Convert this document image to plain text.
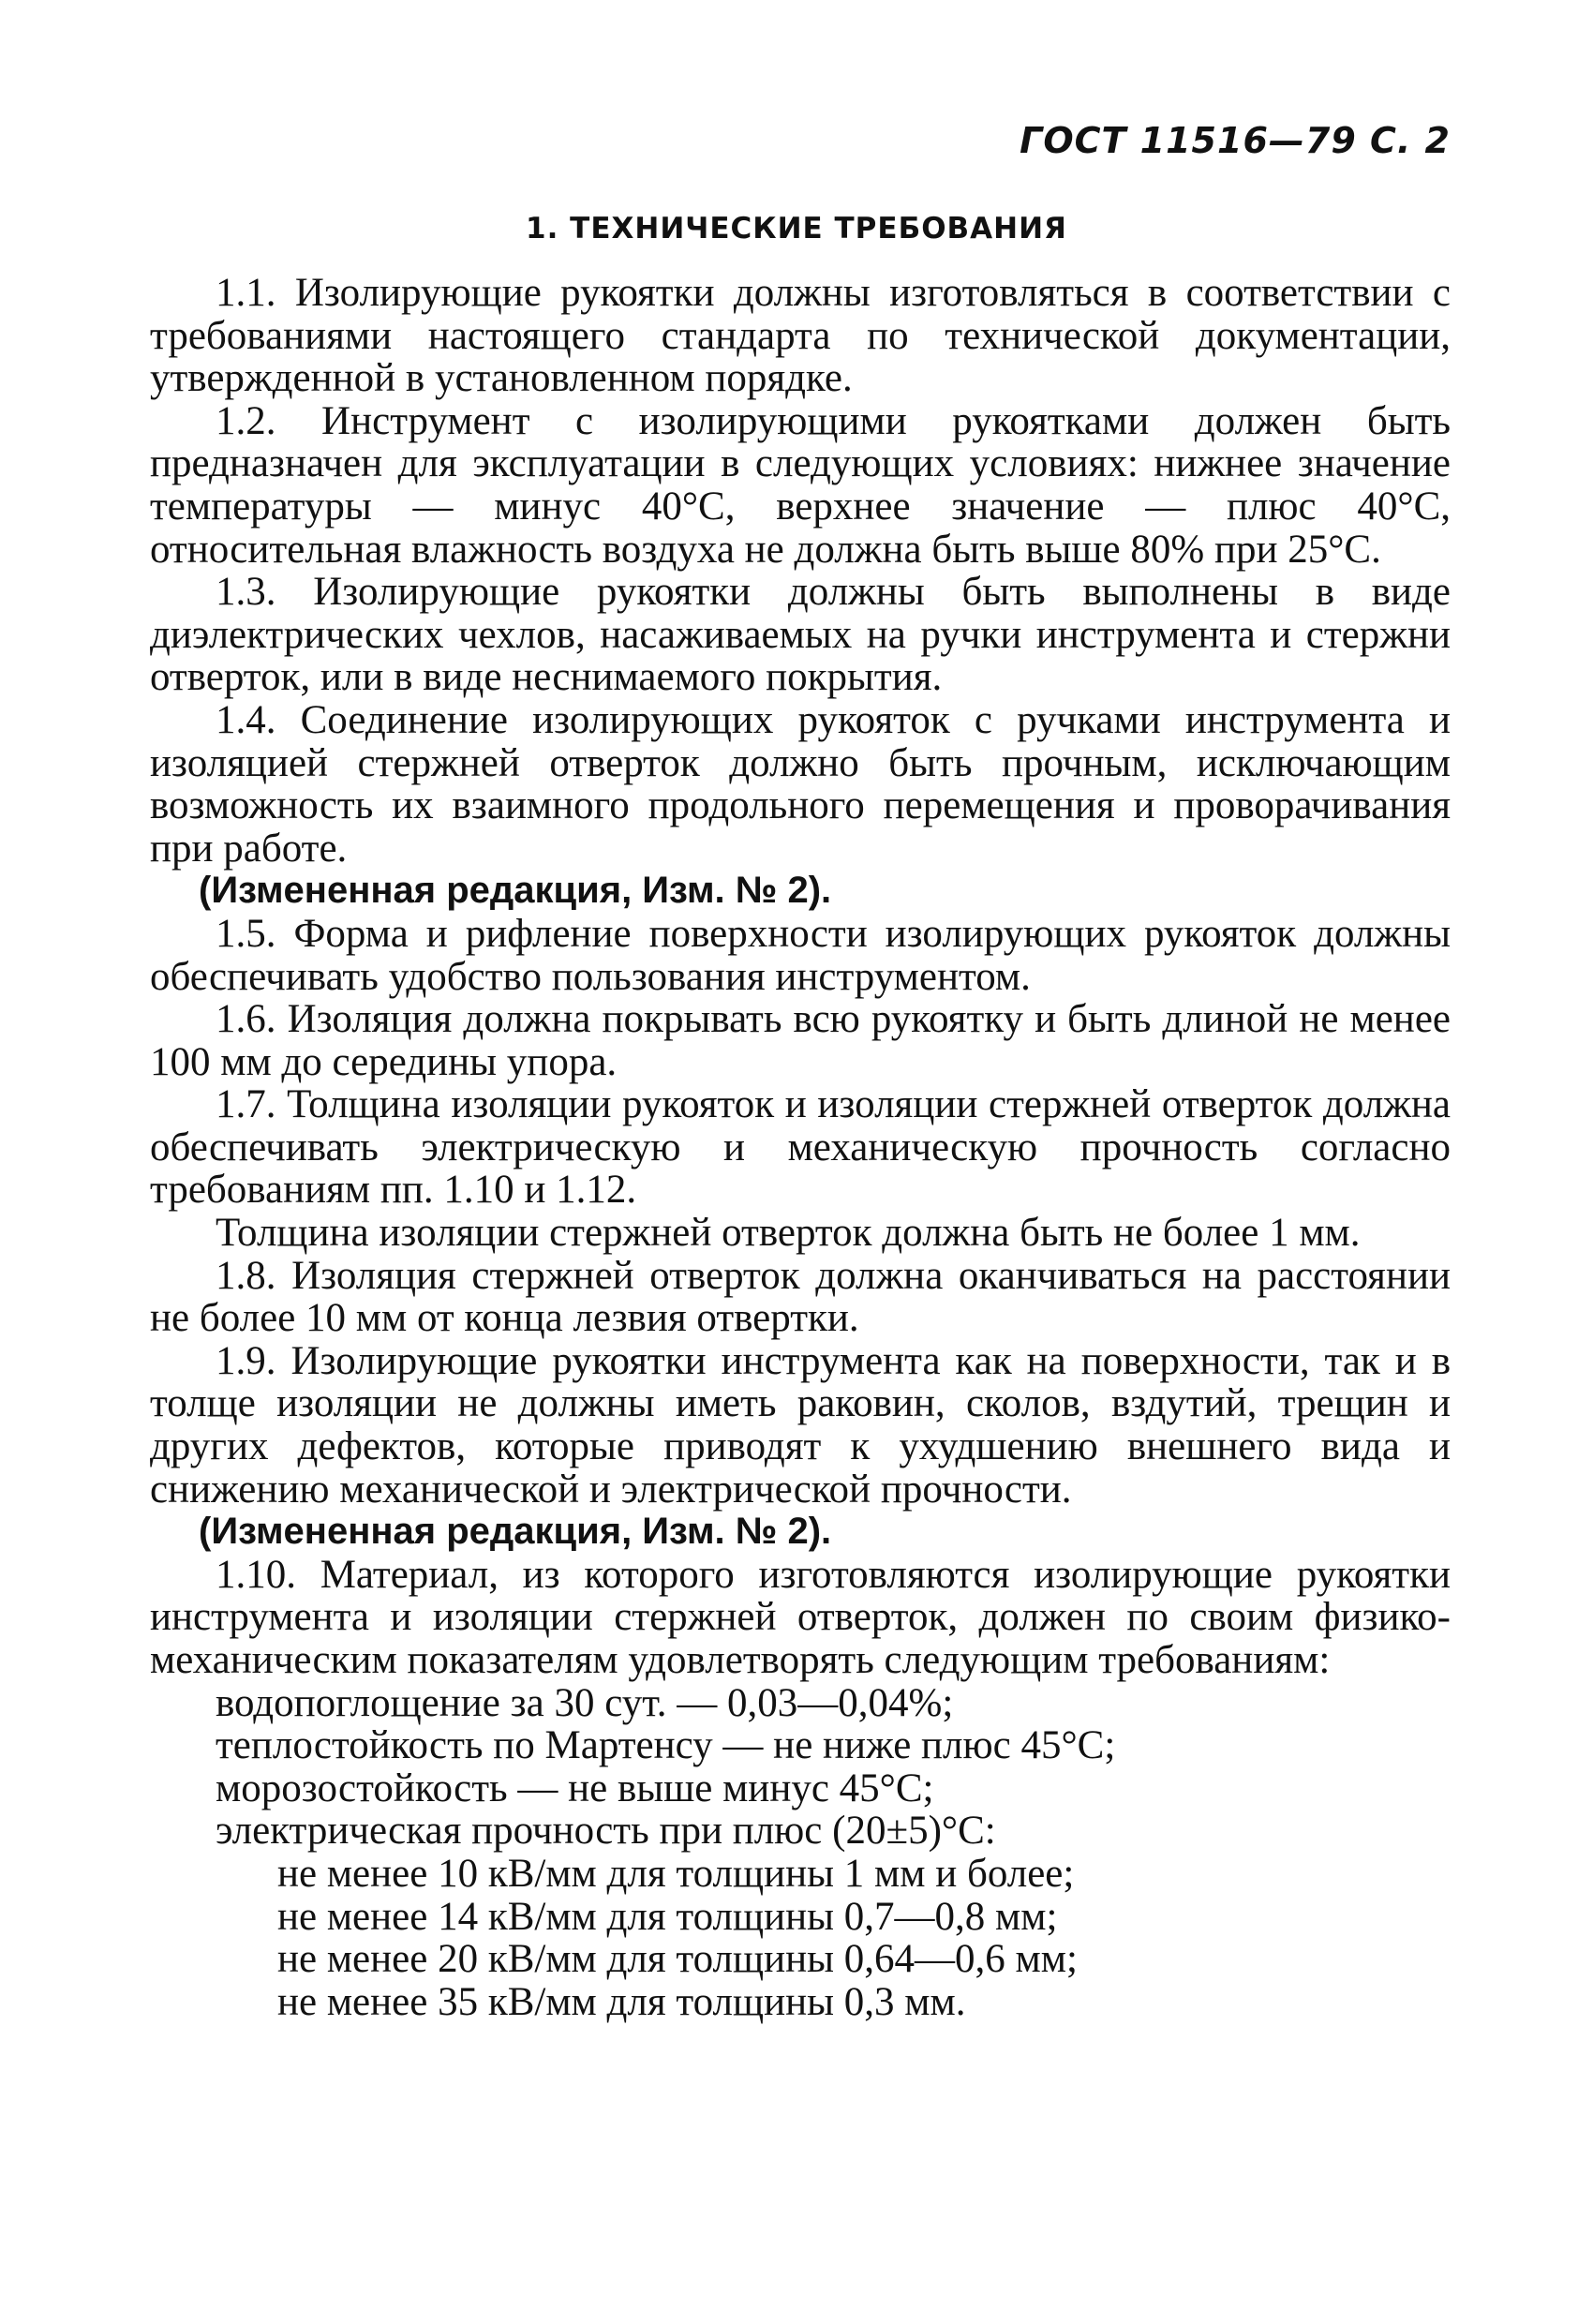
ГОСТ 11516—79 С. 2
1. ТЕХНИЧЕСКИЕ ТРЕБОВАНИЯ

1.1. Изолирующие рукоятки должны изготовляться в соответствии с требованиями настоящего стандарта по технической документации, утвержденной в установленном порядке.

1.2. Инструмент с изолирующими рукоятками должен быть предназначен для эксплуатации в следующих условиях: нижнее значение температуры — минус 40°С, верхнее значение — плюс 40°С, относительная влажность воздуха не должна быть выше 80% при 25°С.

1.3. Изолирующие рукоятки должны быть выполнены в виде диэлектрических чехлов, насаживаемых на ручки инструмента и стержни отверток, или в виде неснимаемого покрытия.

1.4. Соединение изолирующих рукояток с ручками инструмента и изоляцией стержней отверток должно быть прочным, исключающим возможность их взаимного продольного перемещения и проворачивания при работе.

(Измененная редакция, Изм. № 2).

1.5. Форма и рифление поверхности изолирующих рукояток должны обеспечивать удобство пользования инструментом.

1.6. Изоляция должна покрывать всю рукоятку и быть длиной не менее 100 мм до середины упора.

1.7. Толщина изоляции рукояток и изоляции стержней отверток должна обеспечивать электрическую и механическую прочность согласно требованиям пп. 1.10 и 1.12.

Толщина изоляции стержней отверток должна быть не более 1 мм.

1.8. Изоляция стержней отверток должна оканчиваться на расстоянии не более 10 мм от конца лезвия отвертки.

1.9. Изолирующие рукоятки инструмента как на поверхности, так и в толще изоляции не должны иметь раковин, сколов, вздутий, трещин и других дефектов, которые приводят к ухудшению внешнего вида и снижению механической и электрической прочности.

(Измененная редакция, Изм. № 2).

1.10. Материал, из которого изготовляются изолирующие рукоятки инструмента и изоляции стержней отверток, должен по своим физико-механическим показателям удовлетворять следующим требованиям:

водопоглощение за 30 сут. — 0,03—0,04%;
теплостойкость по Мартенсу — не ниже плюс 45°С;
морозостойкость — не выше минус 45°С;
электрическая прочность при плюс (20±5)°С:
не менее 10 кВ/мм для толщины 1 мм и более;
не менее 14 кВ/мм для толщины 0,7—0,8 мм;
не менее 20 кВ/мм для толщины 0,64—0,6 мм;
не менее 35 кВ/мм для толщины 0,3 мм.
